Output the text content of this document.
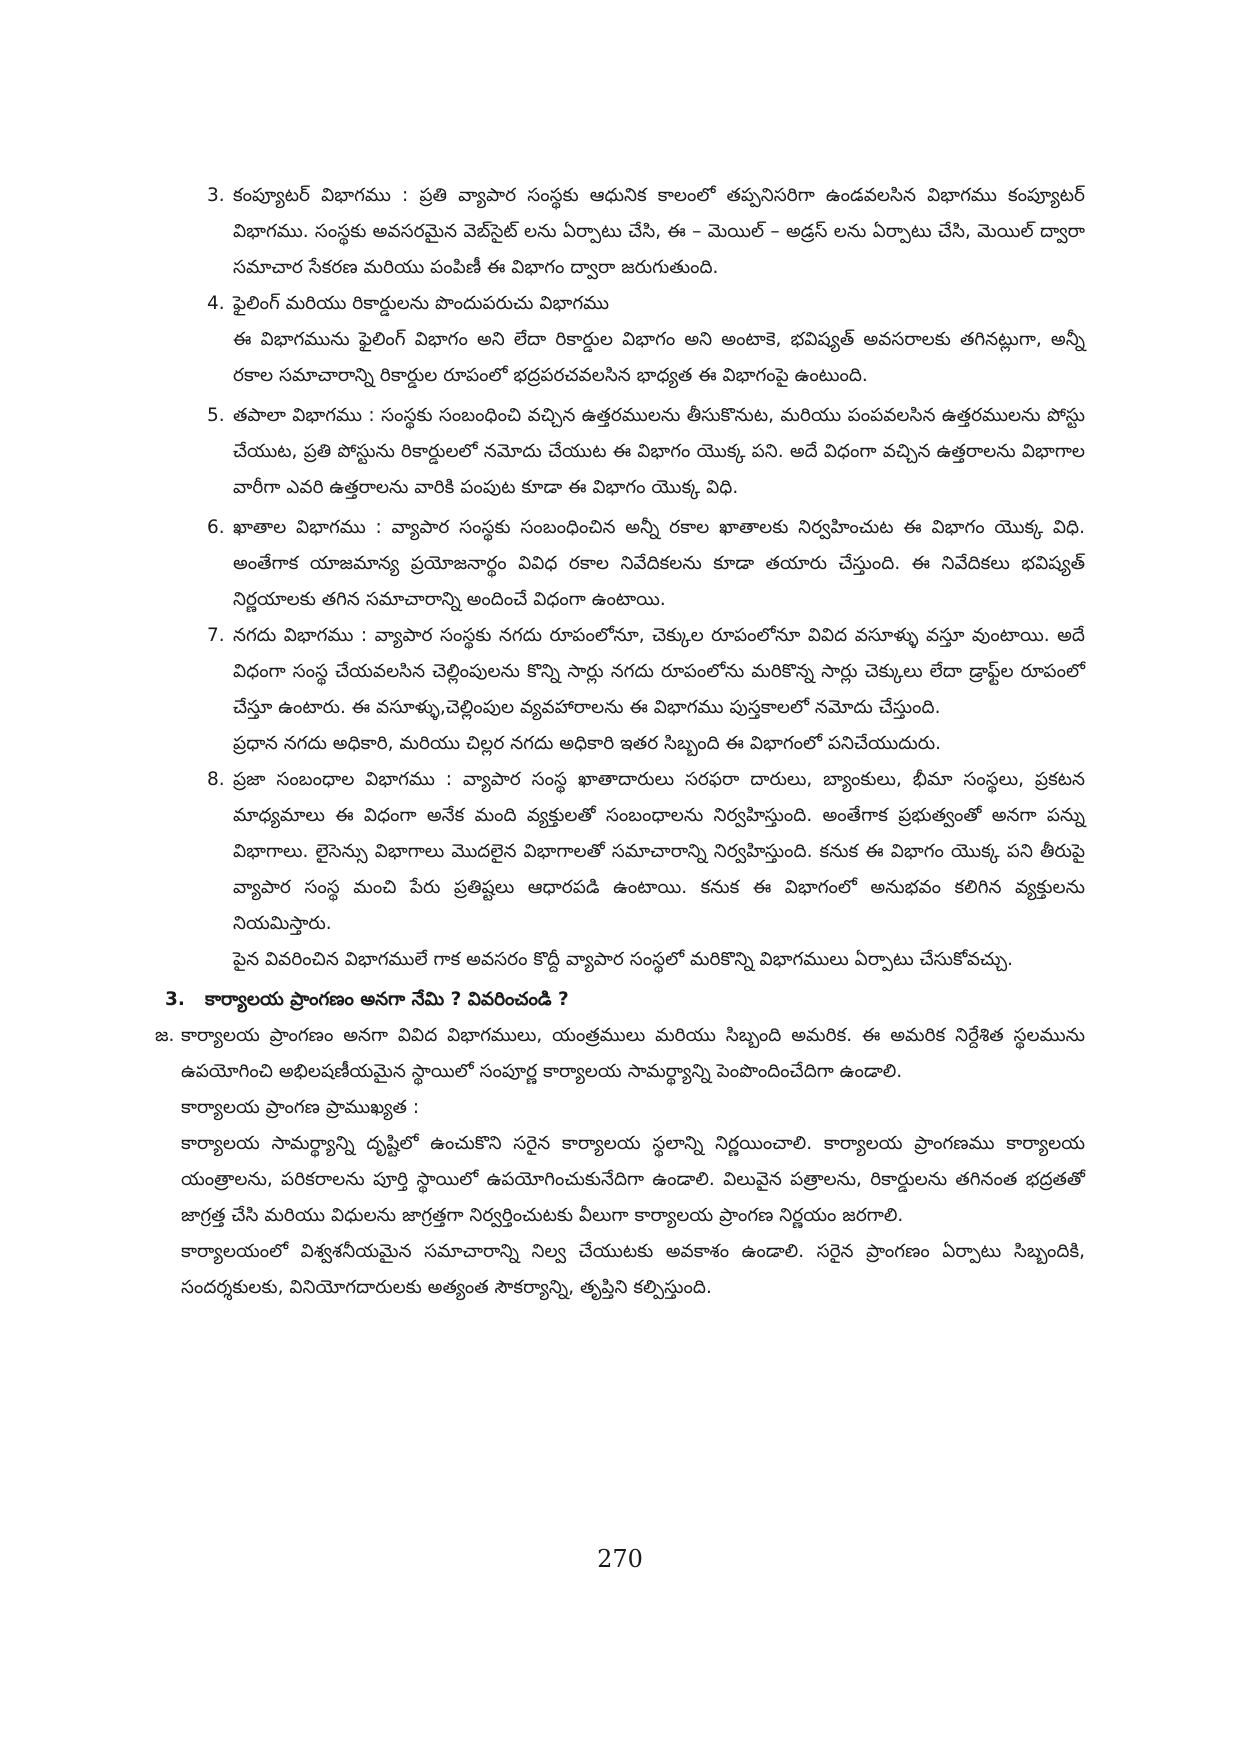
3. కంప్యూటర్ విభాగము : ప్రతి వ్యాపార సంస్థకు ఆధునిక కాలంలో తప్పనిసరిగా ఉండవలసిన విభాగము కంప్యూటర్ విభాగము. సంస్థకు అవసరమైన వెబ్‌సైట్ లను ఏర్పాటు చేసి, ఈ – మెయిల్ – అడ్రస్ లను ఏర్పాటు చేసి, మెయిల్ ద్వారా సమాచార సేకరణ మరియు పంపిణీ ఈ విభాగం ద్వారా జరుగుతుంది.

4. ఫైలింగ్ మరియు రికార్డులను పొందుపరుచు విభాగము

ఈ విభాగమును ఫైలింగ్ విభాగం అని లేదా రికార్డుల విభాగం అని అంటాకె, భవిష్యత్ అవసరాలకు తగినట్లుగా, అన్నీ రకాల సమాచారాన్ని రికార్డుల రూపంలో భద్రపరచవలసిన భాధ్యత ఈ విభాగంపై ఉంటుంది.

5. తపాలా విభాగము : సంస్థకు సంబంధించి వచ్చిన ఉత్తరములను తీసుకొనుట, మరియు పంపవలసిన ఉత్తరములను పోస్టు చేయుట, ప్రతి పోస్టును రికార్డులలో నమోదు చేయుట ఈ విభాగం యొక్క పని. అదే విధంగా వచ్చిన ఉత్తరాలను విభాగాల వారీగా ఎవరి ఉత్తరాలను వారికి పంపుట కూడా ఈ విభాగం యొక్క విధి.

6. ఖాతాల విభాగము : వ్యాపార సంస్థకు సంబంధించిన అన్నీ రకాల ఖాతాలకు నిర్వహించుట ఈ విభాగం యొక్క విధి. అంతేగాక యాజమాన్య ప్రయోజనార్థం వివిధ రకాల నివేదికలను కూడా తయారు చేస్తుంది. ఈ నివేదికలు భవిష్యత్ నిర్ణయాలకు తగిన సమాచారాన్ని అందించే విధంగా ఉంటాయి.

7. నగదు విభాగము : వ్యాపార సంస్థకు నగదు రూపంలోనూ, చెక్కుల రూపంలోనూ వివిద వసూళ్ళు వస్తూ వుంటాయి. అదే విధంగా సంస్థ చేయవలసిన చెల్లింపులను కొన్ని సార్లు నగదు రూపంలోను మరికొన్న సార్లు చెక్కులు లేదా డ్రాఫ్ట్‌ల రూపంలో చేస్తూ ఉంటారు. ఈ వసూళ్ళు,చెల్లింపుల వ్యవహారాలను ఈ విభాగము పుస్తకాలలో నమోదు చేస్తుంది.

ప్రధాన నగదు అధికారి, మరియు చిల్లర నగదు అధికారి ఇతర సిబ్బంది ఈ విభాగంలో పనిచేయుదురు.

8. ప్రజా సంబంధాల విభాగము : వ్యాపార సంస్థ ఖాతాదారులు సరఫరా దారులు, బ్యాంకులు, భీమా సంస్థలు, ప్రకటన మాధ్యమాలు ఈ విధంగా అనేక మంది వ్యక్తులతో సంబంధాలను నిర్వహిస్తుంది. అంతేగాక ప్రభుత్వంతో అనగా పన్ను విభాగాలు. లైసెన్సు విభాగాలు మొదలైన విభాగాలతో సమాచారాన్ని నిర్వహిస్తుంది. కనుక ఈ విభాగం యొక్క పని తీరుపై వ్యాపార సంస్థ మంచి పేరు ప్రతిష్టలు ఆధారపడి ఉంటాయి. కనుక ఈ విభాగంలో అనుభవం కలిగిన వ్యక్తులను నియమిస్తారు.

పైన వివరించిన విభాగములే గాక అవసరం కొద్దీ వ్యాపార సంస్థలో మరికొన్ని విభాగములు ఏర్పాటు చేసుకోవచ్చు.

3. కార్యాలయ ప్రాంగణం అనగా నేమి ? వివరించండి ?
జ. కార్యాలయ ప్రాంగణం అనగా వివిద విభాగములు, యంత్రములు మరియు సిబ్బంది అమరిక. ఈ అమరిక నిర్దేశిత స్థలమును ఉపయోగించి అభిలషణీయమైన స్థాయిలో సంపూర్ణ కార్యాలయ సామర్థ్యాన్ని పెంపొందించేదిగా ఉండాలి.

కార్యాలయ ప్రాంగణ ప్రాముఖ్యత :

కార్యాలయ సామర్థ్యాన్ని దృష్టిలో ఉంచుకొని సరైన కార్యాలయ స్థలాన్ని నిర్ణయించాలి. కార్యాలయ ప్రాంగణము కార్యాలయ యంత్రాలను, పరికరాలను పూర్తి స్థాయిలో ఉపయోగించుకునేదిగా ఉండాలి. విలువైన పత్రాలను, రికార్డులను తగినంత భద్రతతో జాగ్రత్త చేసి మరియు విధులను జాగ్రత్తగా నిర్వర్తించుటకు వీలుగా కార్యాలయ ప్రాంగణ నిర్ణయం జరగాలి.

కార్యాలయంలో విశ్వశనీయమైన సమాచారాన్ని నిల్వ చేయుటకు అవకాశం ఉండాలి. సరైన ప్రాంగణం ఏర్పాటు సిబ్బందికి, సందర్శకులకు, వినియోగదారులకు అత్యంత సౌకర్యాన్ని, తృప్తిని కల్పిస్తుంది.

270
